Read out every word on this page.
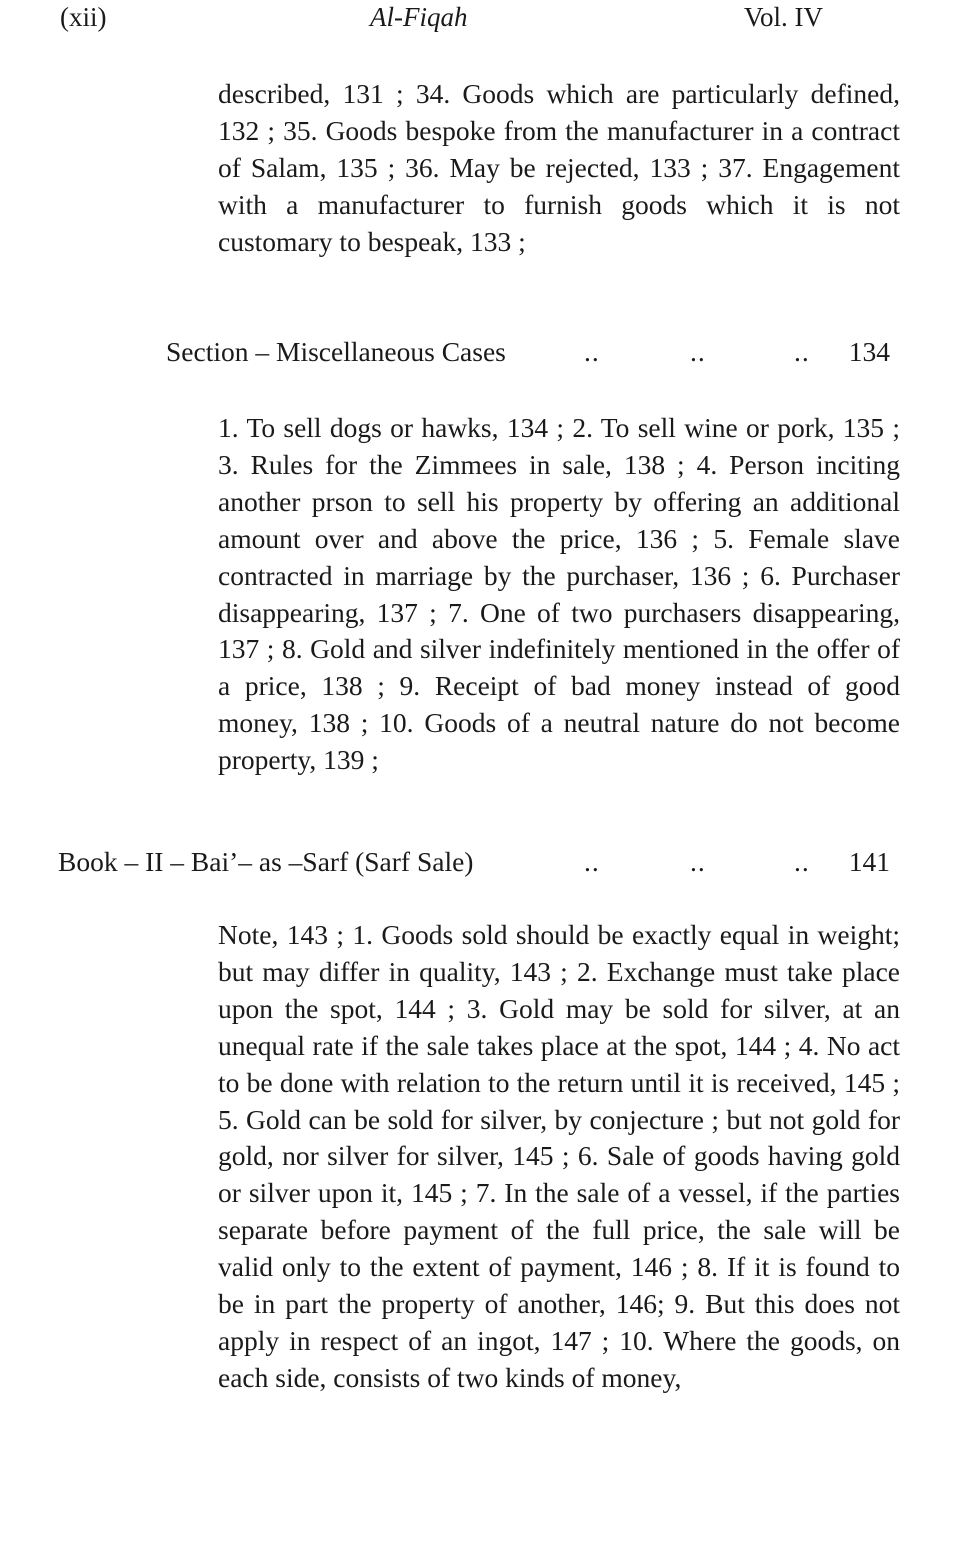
(xii)	Al-Fiqah	Vol. IV

described, 131 ; 34. Goods which are particularly defined, 132 ; 35. Goods bespoke from the manufacturer in a contract of Salam, 135 ; 36. May be rejected, 133 ; 37. Engagement with a manufacturer to furnish goods which it is not customary to bespeak, 133 ;

Section – Miscellaneous Cases	..	..	.. 134

1. To sell dogs or hawks, 134 ; 2. To sell wine or pork, 135 ; 3. Rules for the Zimmees in sale, 138 ; 4. Person inciting another prson to sell his property by offering an additional amount over and above the price, 136 ; 5. Female slave contracted in marriage by the purchaser, 136 ; 6. Purchaser disappearing, 137 ; 7. One of two purchasers disappearing, 137 ; 8. Gold and silver indefinitely mentioned in the offer of a price, 138 ; 9. Receipt of bad money instead of good money, 138 ; 10. Goods of a neutral nature do not become property, 139 ;

Book – II – Bai’– as –Sarf (Sarf Sale)	..	..	.. 141

Note, 143 ; 1. Goods sold should be exactly equal in weight; but may differ in quality, 143 ; 2. Exchange must take place upon the spot, 144 ; 3. Gold may be sold for silver, at an unequal rate if the sale takes place at the spot, 144 ; 4. No act to be done with relation to the return until it is received, 145 ; 5. Gold can be sold for silver, by conjecture ; but not gold for gold, nor silver for silver, 145 ; 6. Sale of goods having gold or silver upon it, 145 ; 7. In the sale of a vessel, if the parties separate before payment of the full price, the sale will be valid only to the extent of payment, 146 ; 8. If it is found to be in part the property of another, 146; 9. But this does not apply in respect of an ingot, 147 ; 10. Where the goods, on each side, consists of two kinds of money,
